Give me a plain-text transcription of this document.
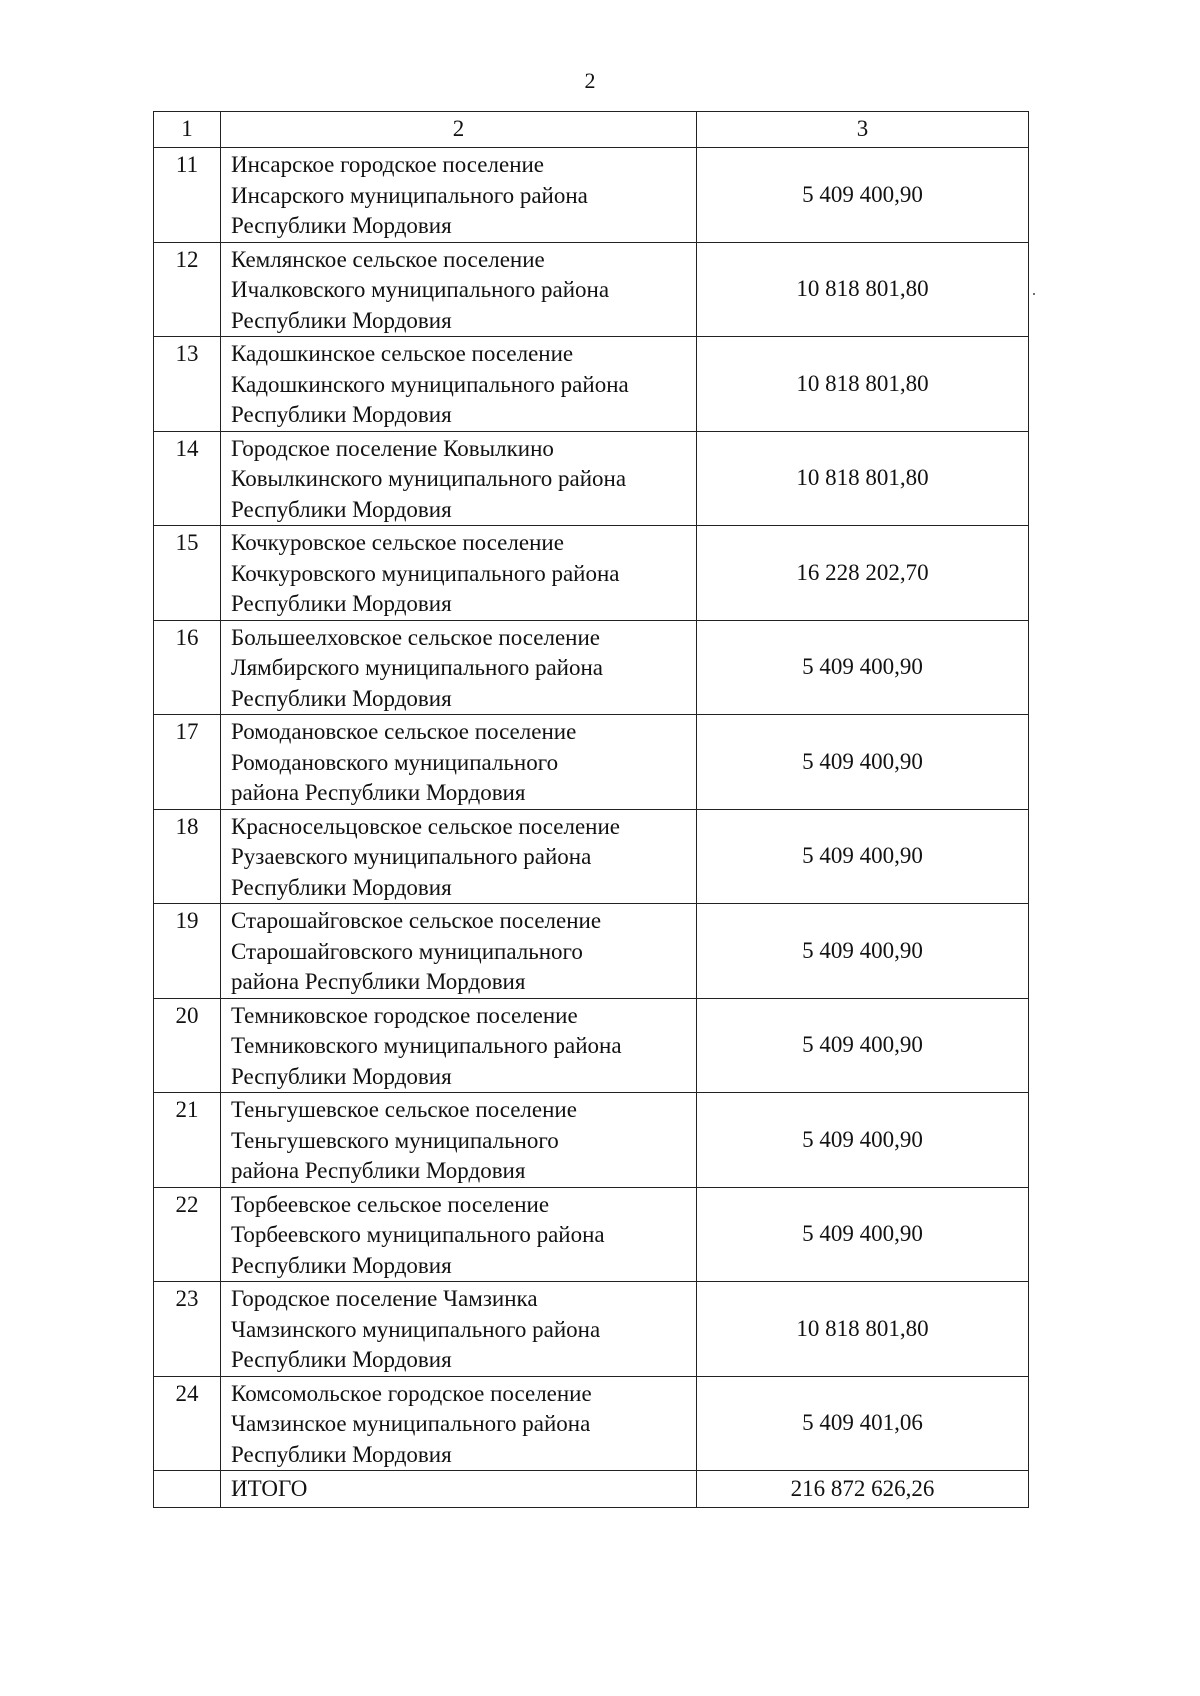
2
1	2	3
11	Инсарское городское поселение
Инсарского муниципального района
Республики Мордовия	5 409 400,90
12	Кемлянское сельское поселение
Ичалковского муниципального района
Республики Мордовия	10 818 801,80
13	Кадошкинское сельское поселение
Кадошкинского муниципального района
Республики Мордовия	10 818 801,80
14	Городское поселение Ковылкино
Ковылкинского муниципального района
Республики Мордовия	10 818 801,80
15	Кочкуровское сельское поселение
Кочкуровского муниципального района
Республики Мордовия	16 228 202,70
16	Большеелховское сельское поселение
Лямбирского муниципального района
Республики Мордовия	5 409 400,90
17	Ромодановское сельское поселение
Ромодановского муниципального
района Республики Мордовия	5 409 400,90
18	Красносельцовское сельское поселение
Рузаевского муниципального района
Республики Мордовия	5 409 400,90
19	Старошайговское сельское поселение
Старошайговского муниципального
района Республики Мордовия	5 409 400,90
20	Темниковское городское поселение
Темниковского муниципального района
Республики Мордовия	5 409 400,90
21	Теньгушевское сельское поселение
Теньгушевского муниципального
района Республики Мордовия	5 409 400,90
22	Торбеевское сельское поселение
Торбеевского муниципального района
Республики Мордовия	5 409 400,90
23	Городское поселение Чамзинка
Чамзинского муниципального района
Республики Мордовия	10 818 801,80
24	Комсомольское городское поселение
Чамзинское муниципального района
Республики Мордовия	5 409 401,06
	ИТОГО	216 872 626,26
